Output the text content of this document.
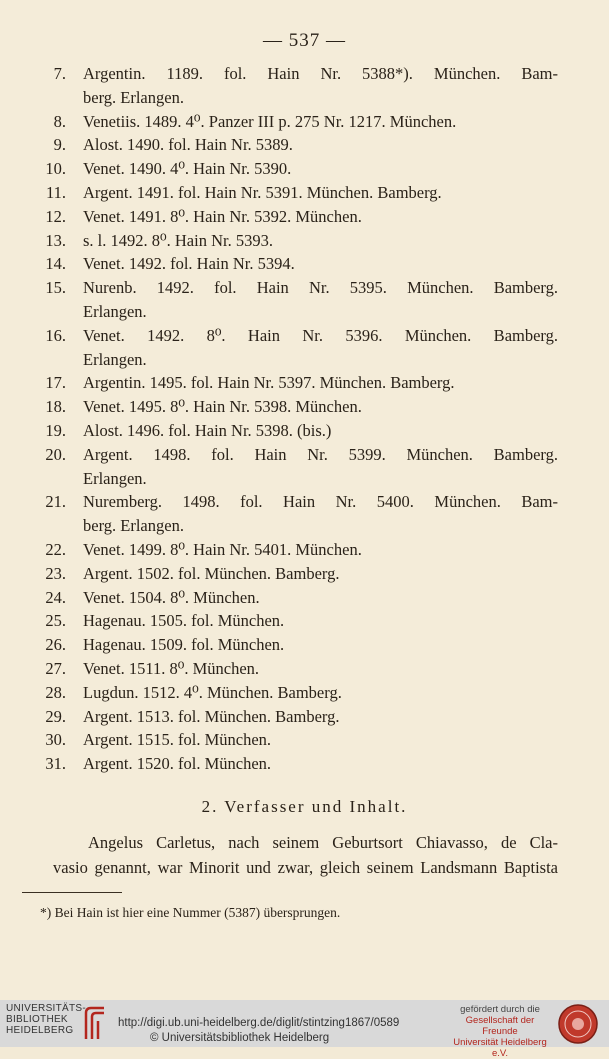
— 537 —
7. Argentin. 1189. fol. Hain Nr. 5388*). München. Bam-
berg. Erlangen.
8. Venetiis. 1489. 4⁰. Panzer III p. 275 Nr. 1217. München.
9. Alost. 1490. fol. Hain Nr. 5389.
10. Venet. 1490. 4⁰. Hain Nr. 5390.
11. Argent. 1491. fol. Hain Nr. 5391. München. Bamberg.
12. Venet. 1491. 8⁰. Hain Nr. 5392. München.
13. s. l. 1492. 8⁰. Hain Nr. 5393.
14. Venet. 1492. fol. Hain Nr. 5394.
15. Nurenb. 1492. fol. Hain Nr. 5395. München. Bamberg.
Erlangen.
16. Venet. 1492. 8⁰. Hain Nr. 5396. München. Bamberg.
Erlangen.
17. Argentin. 1495. fol. Hain Nr. 5397. München. Bamberg.
18. Venet. 1495. 8⁰. Hain Nr. 5398. München.
19. Alost. 1496. fol. Hain Nr. 5398. (bis.)
20. Argent. 1498. fol. Hain Nr. 5399. München. Bamberg.
Erlangen.
21. Nuremberg. 1498. fol. Hain Nr. 5400. München. Bam-
berg. Erlangen.
22. Venet. 1499. 8⁰. Hain Nr. 5401. München.
23. Argent. 1502. fol. München. Bamberg.
24. Venet. 1504. 8⁰. München.
25. Hagenau. 1505. fol. München.
26. Hagenau. 1509. fol. München.
27. Venet. 1511. 8⁰. München.
28. Lugdun. 1512. 4⁰. München. Bamberg.
29. Argent. 1513. fol. München. Bamberg.
30. Argent. 1515. fol. München.
31. Argent. 1520. fol. München.
2. Verfasser und Inhalt.
Angelus Carletus, nach seinem Geburtsort Chiavasso, de Cla-
vasio genannt, war Minorit und zwar, gleich seinem Landsmann Baptista
*) Bei Hain ist hier eine Nummer (5387) übersprungen.
UNIVERSITÄTS-
BIBLIOTHEK
HEIDELBERG
http://digi.ub.uni-heidelberg.de/diglit/stintzing1867/0589
© Universitätsbibliothek Heidelberg
gefördert durch die
Gesellschaft der Freunde
Universität Heidelberg e.V.
